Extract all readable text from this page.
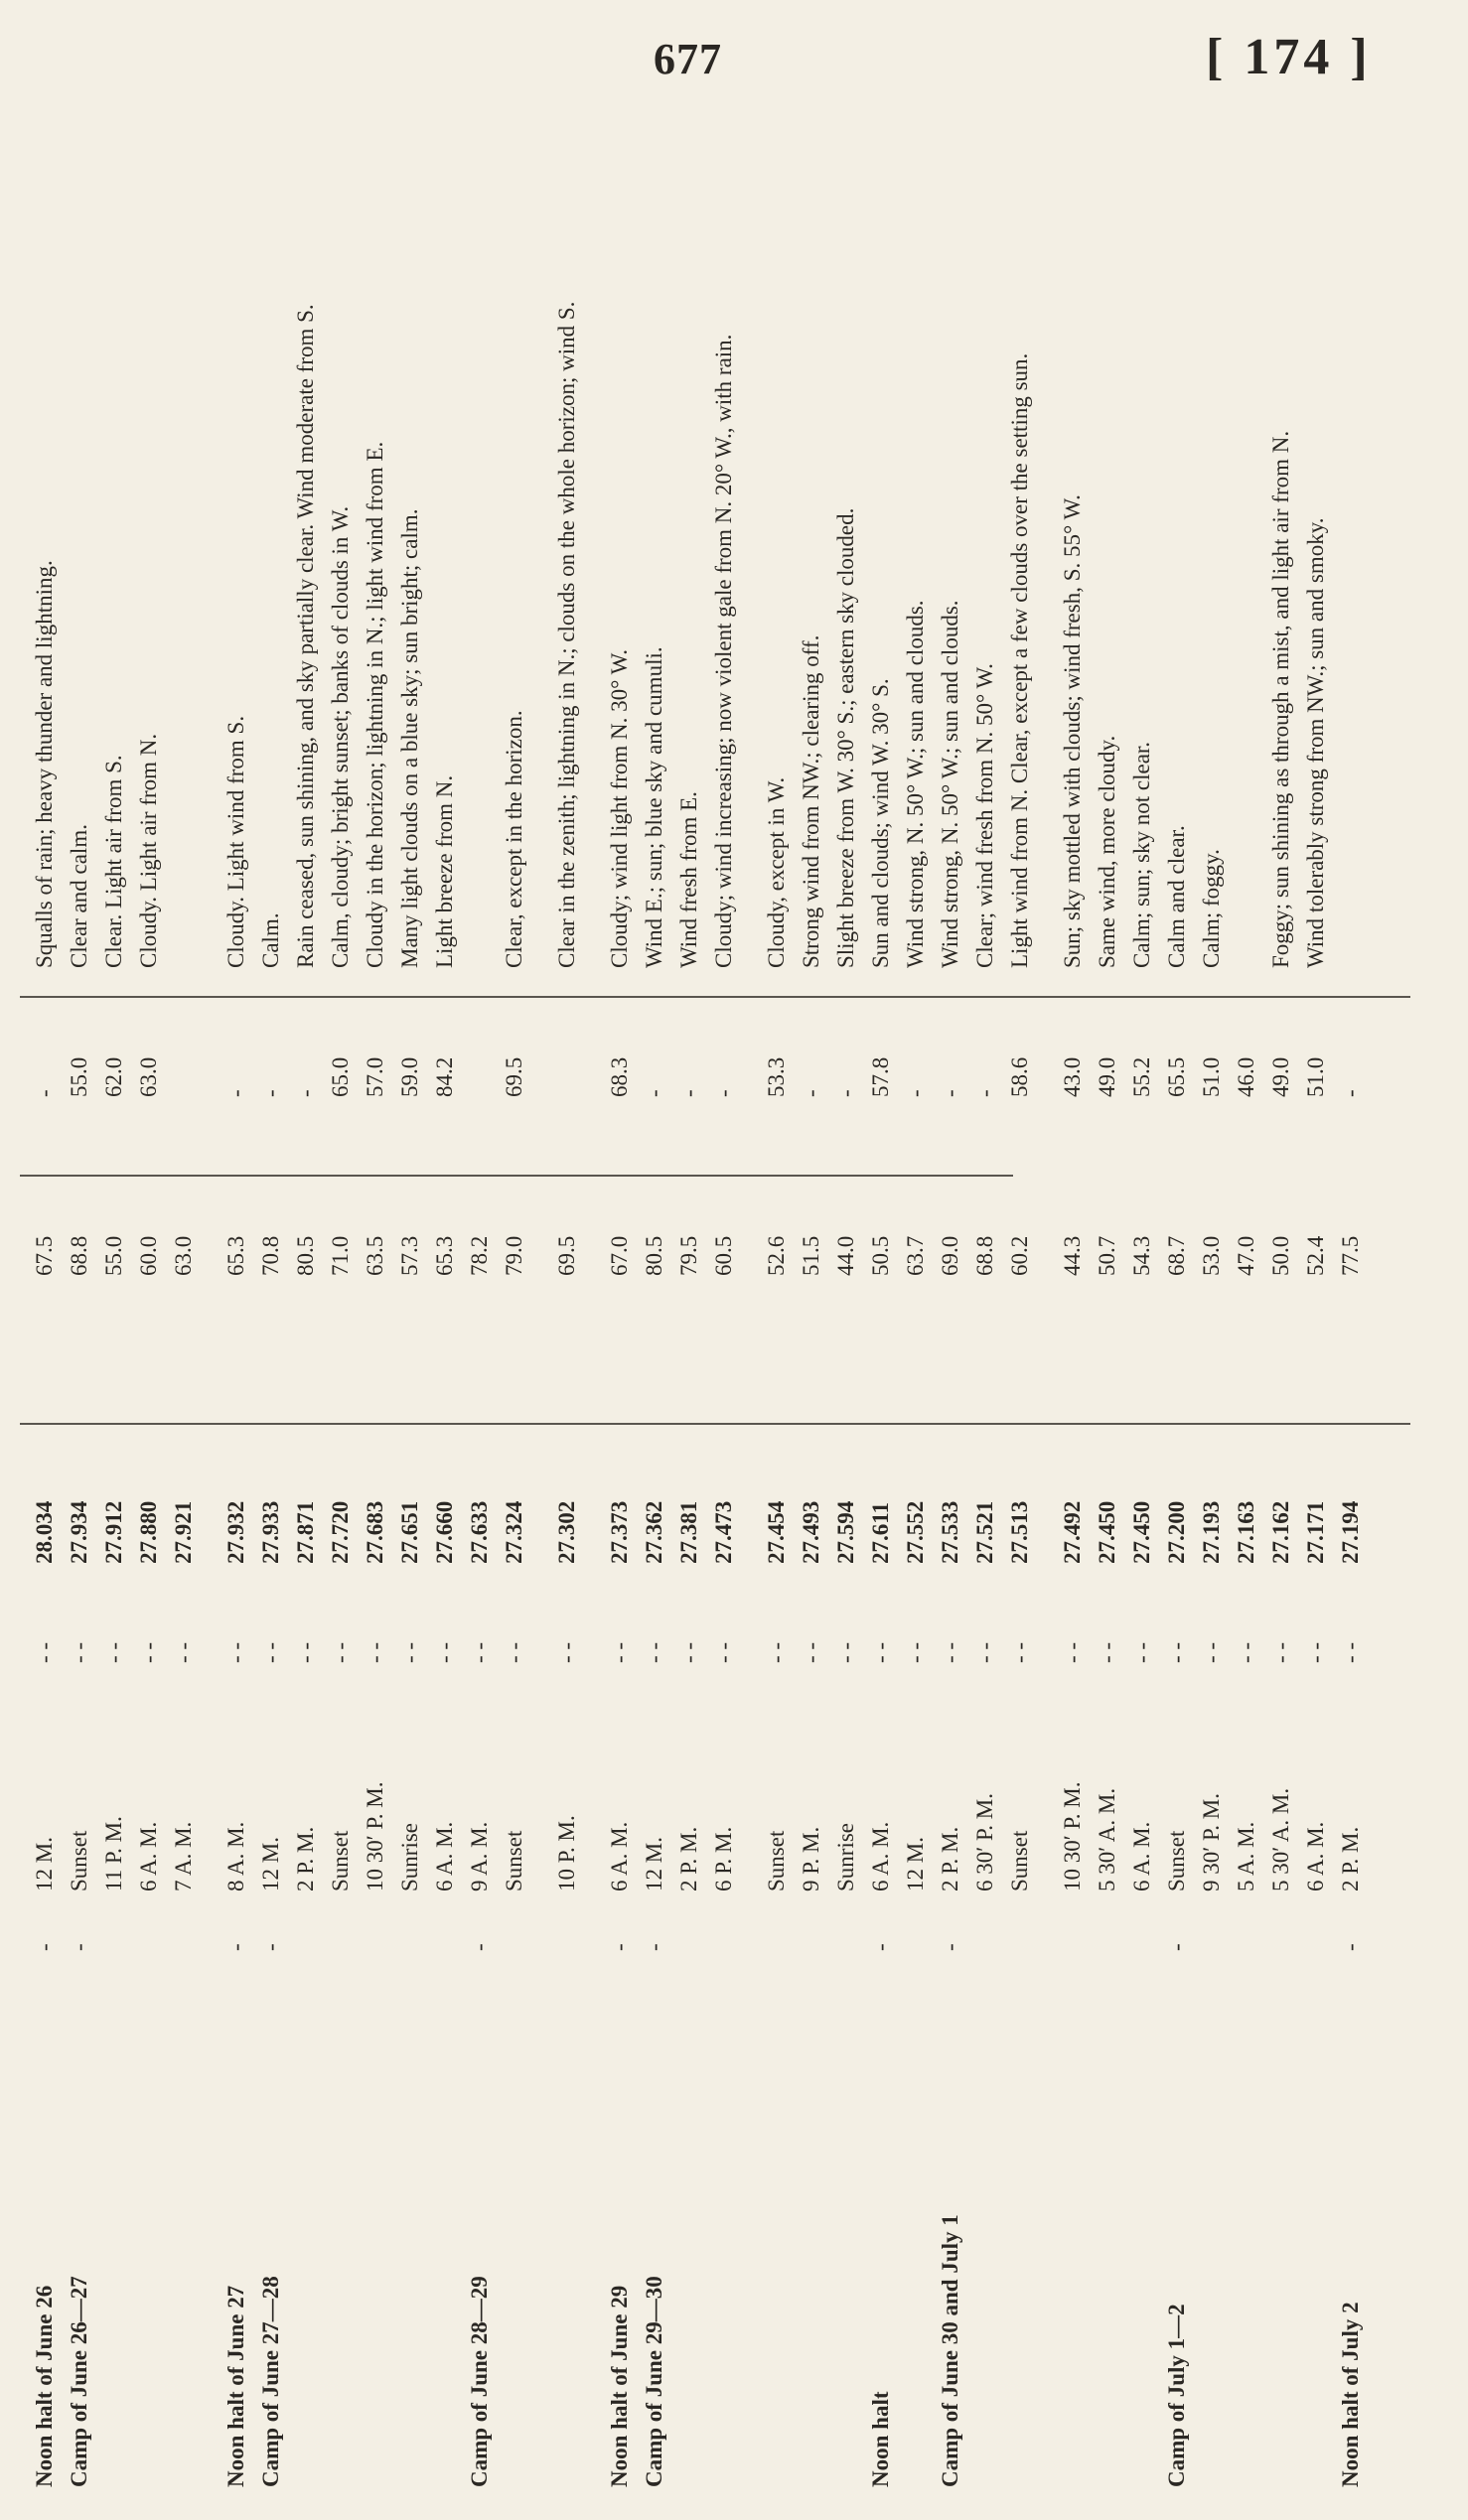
677	[ 174 ]
Noon halt of June 26
-
12 M.
- -
28.034
67.5
-
Squalls of rain; heavy thunder and lightning.
Camp of June 26—27
-
Sunset
- -
27.934
68.8
55.0
Clear and calm.
11 P. M.
- -
27.912
55.0
62.0
Clear. Light air from S.
6 A. M.
- -
27.880
60.0
63.0
Cloudy. Light air from N.
7 A. M.
- -
27.921
63.0
Noon halt of June 27
-
8 A. M.
- -
27.932
65.3
-
Cloudy. Light wind from S.
Camp of June 27—28
-
12 M.
- -
27.933
70.8
-
Calm.
2 P. M.
- -
27.871
80.5
-
Rain ceased, sun shining, and sky partially clear. Wind moderate from S.
Sunset
- -
27.720
71.0
65.0
Calm, cloudy; bright sunset; banks of clouds in W.
10 30′ P. M.
- -
27.683
63.5
57.0
Cloudy in the horizon; lightning in N.; light wind from E.
Sunrise
- -
27.651
57.3
59.0
Many light clouds on a blue sky; sun bright; calm.
6 A. M.
- -
27.660
65.3
84.2
Light breeze from N.
Camp of June 28—29
-
9 A. M.
- -
27.633
78.2
Sunset
- -
27.324
79.0
69.5
Clear, except in the horizon.
10 P. M.
- -
27.302
69.5
Clear in the zenith; lightning in N.; clouds on the whole horizon; wind S.
Noon halt of June 29
-
6 A. M.
- -
27.373
67.0
68.3
Cloudy; wind light from N. 30° W.
Camp of June 29—30
-
12 M.
- -
27.362
80.5
-
Wind E.; sun; blue sky and cumuli.
2 P. M.
- -
27.381
79.5
-
Wind fresh from E.
6 P. M.
- -
27.473
60.5
-
Cloudy; wind increasing; now violent gale from N. 20° W., with rain.
Sunset
- -
27.454
52.6
53.3
Cloudy, except in W.
9 P. M.
- -
27.493
51.5
-
Strong wind from NW.; clearing off.
Sunrise
- -
27.594
44.0
-
Slight breeze from W. 30° S.; eastern sky clouded.
Noon halt
-
6 A. M.
- -
27.611
50.5
57.8
Sun and clouds; wind W. 30° S.
12 M.
- -
27.552
63.7
-
Wind strong, N. 50° W.; sun and clouds.
Camp of June 30 and July 1
-
2 P. M.
- -
27.533
69.0
-
Wind strong, N. 50° W.; sun and clouds.
6 30′ P. M.
- -
27.521
68.8
-
Clear; wind fresh from N. 50° W.
Sunset
- -
27.513
60.2
58.6
Light wind from N. Clear, except a few clouds over the setting sun.
10 30′ P. M.
- -
27.492
44.3
43.0
Sun; sky mottled with clouds; wind fresh, S. 55° W.
5 30′ A. M.
- -
27.450
50.7
49.0
Same wind, more cloudy.
6 A. M.
- -
27.450
54.3
55.2
Calm; sun; sky not clear.
Camp of July 1—2
-
Sunset
- -
27.200
68.7
65.5
Calm and clear.
9 30′ P. M.
- -
27.193
53.0
51.0
Calm; foggy.
5 A. M.
- -
27.163
47.0
46.0
5 30′ A. M.
- -
27.162
50.0
49.0
Foggy; sun shining as through a mist, and light air from N.
6 A. M.
- -
27.171
52.4
51.0
Wind tolerably strong from NW.; sun and smoky.
Noon halt of July 2
-
2 P. M.
- -
27.194
77.5
-
